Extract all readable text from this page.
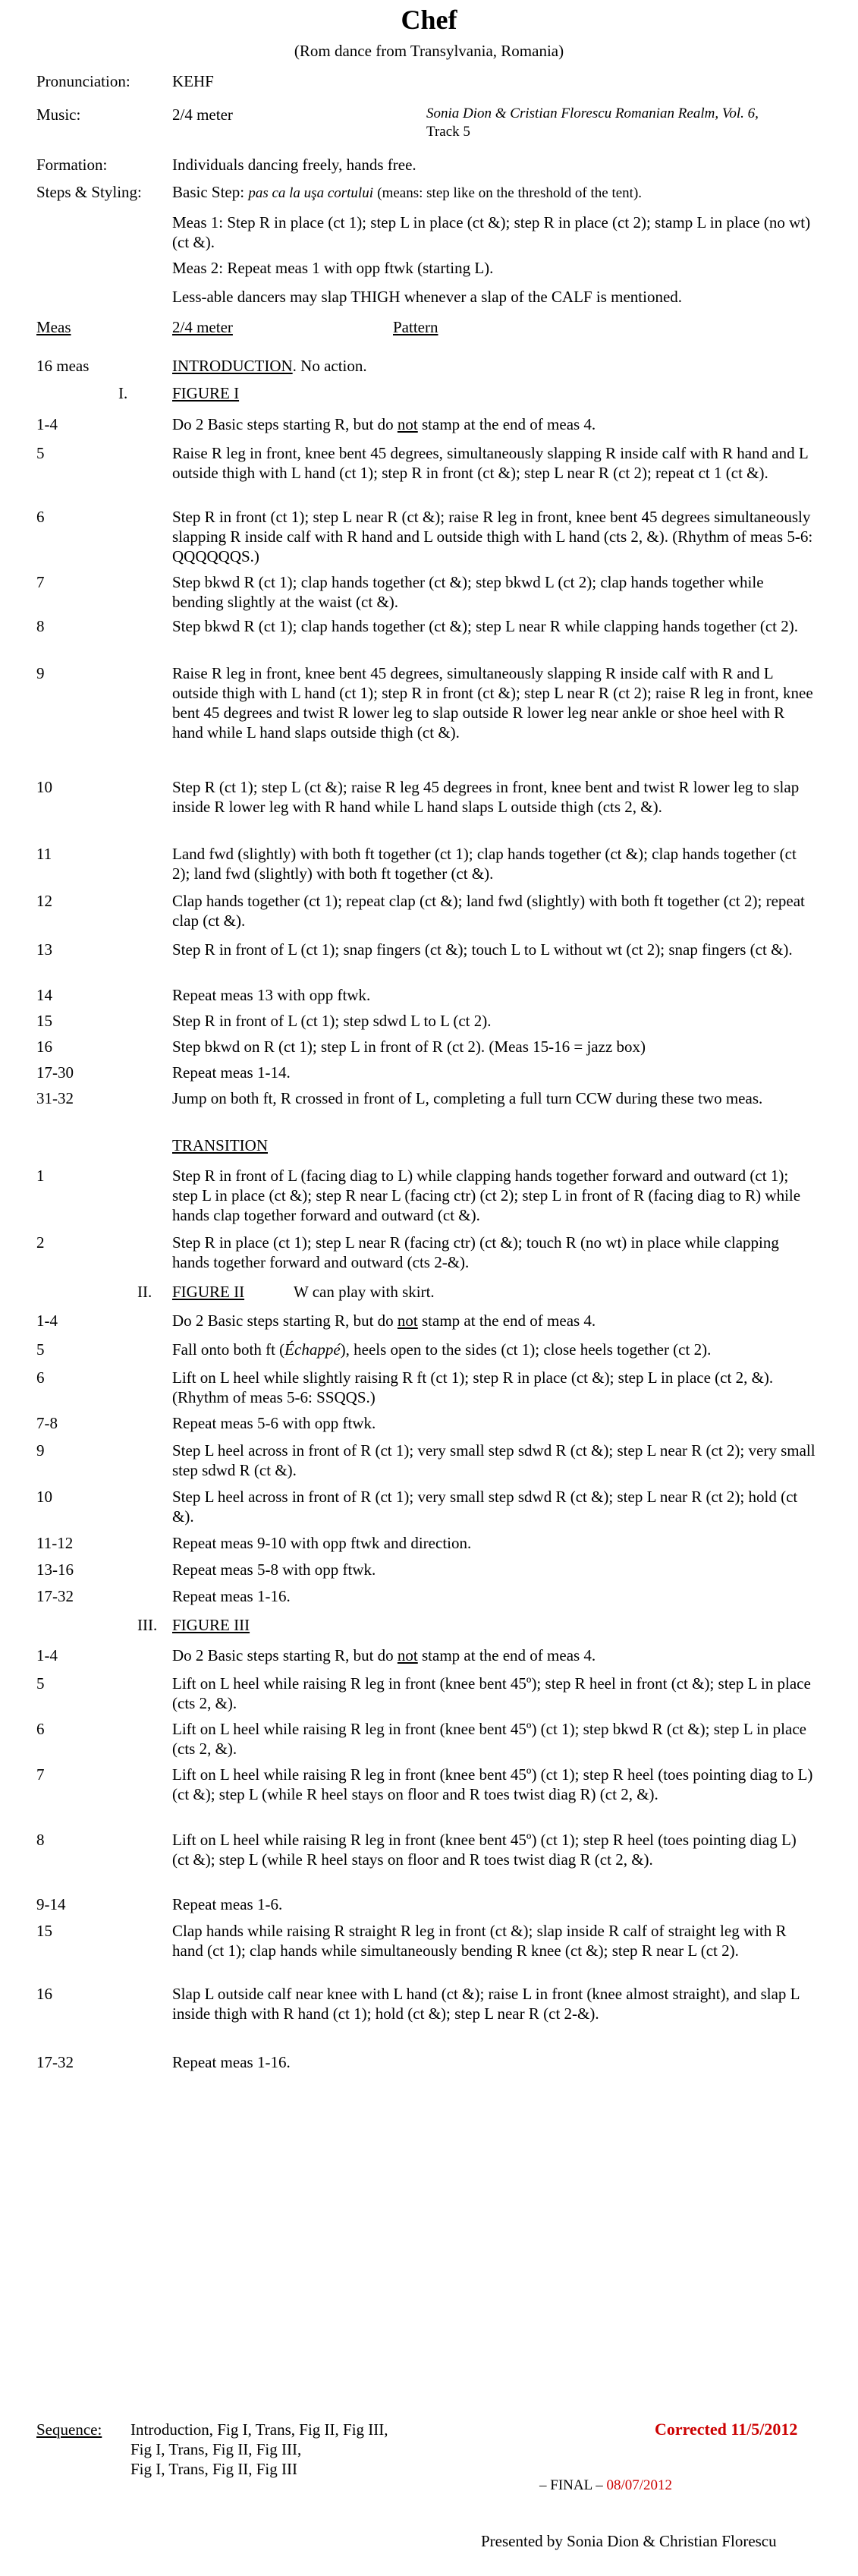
Chef
(Rom dance from Transylvania, Romania)
Pronunciation:	KEHF
Music:	2/4 meter	Sonia Dion & Cristian Florescu Romanian Realm, Vol. 6, Track 5
Formation:	Individuals dancing freely, hands free.
Steps & Styling: Basic Step: pas ca la uşa cortului (means: step like on the threshold of the tent).
Meas 1: Step R in place (ct 1); step L in place (ct &); step R in place (ct 2); stamp L in place (no wt) (ct &).
Meas 2: Repeat meas 1 with opp ftwk (starting L).
Less-able dancers may slap THIGH whenever a slap of the CALF is mentioned.
Meas	2/4 meter	Pattern
16 meas	INTRODUCTION. No action.
I.	FIGURE I
1-4	Do 2 Basic steps starting R, but do not stamp at the end of meas 4.
5	Raise R leg in front, knee bent 45 degrees, simultaneously slapping R inside calf with R hand and L outside thigh with L hand (ct 1); step R in front (ct &); step L near R (ct 2); repeat ct 1 (ct &).
6	Step R in front (ct 1); step L near R (ct &); raise R leg in front, knee bent 45 degrees simultaneously slapping R inside calf with R hand and L outside thigh with L hand (cts 2, &). (Rhythm of meas 5-6: QQQQQQS.)
7	Step bkwd R (ct 1); clap hands together (ct &); step bkwd L (ct 2); clap hands together while bending slightly at the waist (ct &).
8	Step bkwd R (ct 1); clap hands together (ct &); step L near R while clapping hands together (ct 2).
9	Raise R leg in front, knee bent 45 degrees, simultaneously slapping R inside calf with R and L outside thigh with L hand (ct 1); step R in front (ct &); step L near R (ct 2); raise R leg in front, knee bent 45 degrees and twist R lower leg to slap outside R lower leg near ankle or shoe heel with R hand while L hand slaps outside thigh (ct &).
10	Step R (ct 1); step L (ct &); raise R leg 45 degrees in front, knee bent and twist R lower leg to slap inside R lower leg with R hand while L hand slaps L outside thigh (cts 2, &).
11	Land fwd (slightly) with both ft together (ct 1); clap hands together (ct &); clap hands together (ct 2); land fwd (slightly) with both ft together (ct &).
12	Clap hands together (ct 1); repeat clap (ct &); land fwd (slightly) with both ft together (ct 2); repeat clap (ct &).
13	Step R in front of L (ct 1); snap fingers (ct &); touch L to L without wt (ct 2); snap fingers (ct &).
14	Repeat meas 13 with opp ftwk.
15	Step R in front of L (ct 1); step sdwd L to L (ct 2).
16	Step bkwd on R (ct 1); step L in front of R (ct 2). (Meas 15-16 = jazz box)
17-30	Repeat meas 1-14.
31-32	Jump on both ft, R crossed in front of L, completing a full turn CCW during these two meas.
TRANSITION
1	Step R in front of L (facing diag to L) while clapping hands together forward and outward (ct 1); step L in place (ct &); step R near L (facing ctr) (ct 2); step L in front of R (facing diag to R) while hands clap together forward and outward (ct &).
2	Step R in place (ct 1); step L near R (facing ctr) (ct &); touch R (no wt) in place while clapping hands together forward and outward (cts 2-&).
II. FIGURE II	W can play with skirt.
1-4	Do 2 Basic steps starting R, but do not stamp at the end of meas 4.
5	Fall onto both ft (Échappé), heels open to the sides (ct 1); close heels together (ct 2).
6	Lift on L heel while slightly raising R ft (ct 1); step R in place (ct &); step L in place (ct 2, &). (Rhythm of meas 5-6: SSQQS.)
7-8	Repeat meas 5-6 with opp ftwk.
9	Step L heel across in front of R (ct 1); very small step sdwd R (ct &); step L near R (ct 2); very small step sdwd R (ct &).
10	Step L heel across in front of R (ct 1); very small step sdwd R (ct &); step L near R (ct 2); hold (ct &).
11-12	Repeat meas 9-10 with opp ftwk and direction.
13-16	Repeat meas 5-8 with opp ftwk.
17-32	Repeat meas 1-16.
III. FIGURE III
1-4	Do 2 Basic steps starting R, but do not stamp at the end of meas 4.
5	Lift on L heel while raising R leg in front (knee bent 45º); step R heel in front (ct &); step L in place (cts 2, &).
6	Lift on L heel while raising R leg in front (knee bent 45º) (ct 1); step bkwd R (ct &); step L in place (cts 2, &).
7	Lift on L heel while raising R leg in front (knee bent 45º) (ct 1); step R heel (toes pointing diag to L) (ct &); step L (while R heel stays on floor and R toes twist diag R) (ct 2, &).
8	Lift on L heel while raising R leg in front (knee bent 45º) (ct 1); step R heel (toes pointing diag L) (ct &); step L (while R heel stays on floor and R toes twist diag R (ct 2, &).
9-14	Repeat meas 1-6.
15	Clap hands while raising R straight R leg in front (ct &); slap inside R calf of straight leg with R hand (ct 1); clap hands while simultaneously bending R knee (ct &); step R near L (ct 2).
16	Slap L outside calf near knee with L hand (ct &); raise L in front (knee almost straight), and slap L inside thigh with R hand (ct 1); hold (ct &); step L near R (ct 2-&).
17-32	Repeat meas 1-16.
Sequence: Introduction, Fig I, Trans, Fig II, Fig III,
Fig I, Trans, Fig II, Fig III,
Fig I, Trans, Fig II, Fig III
Corrected 11/5/2012
– FINAL – 08/07/2012
Presented by Sonia Dion & Christian Florescu
